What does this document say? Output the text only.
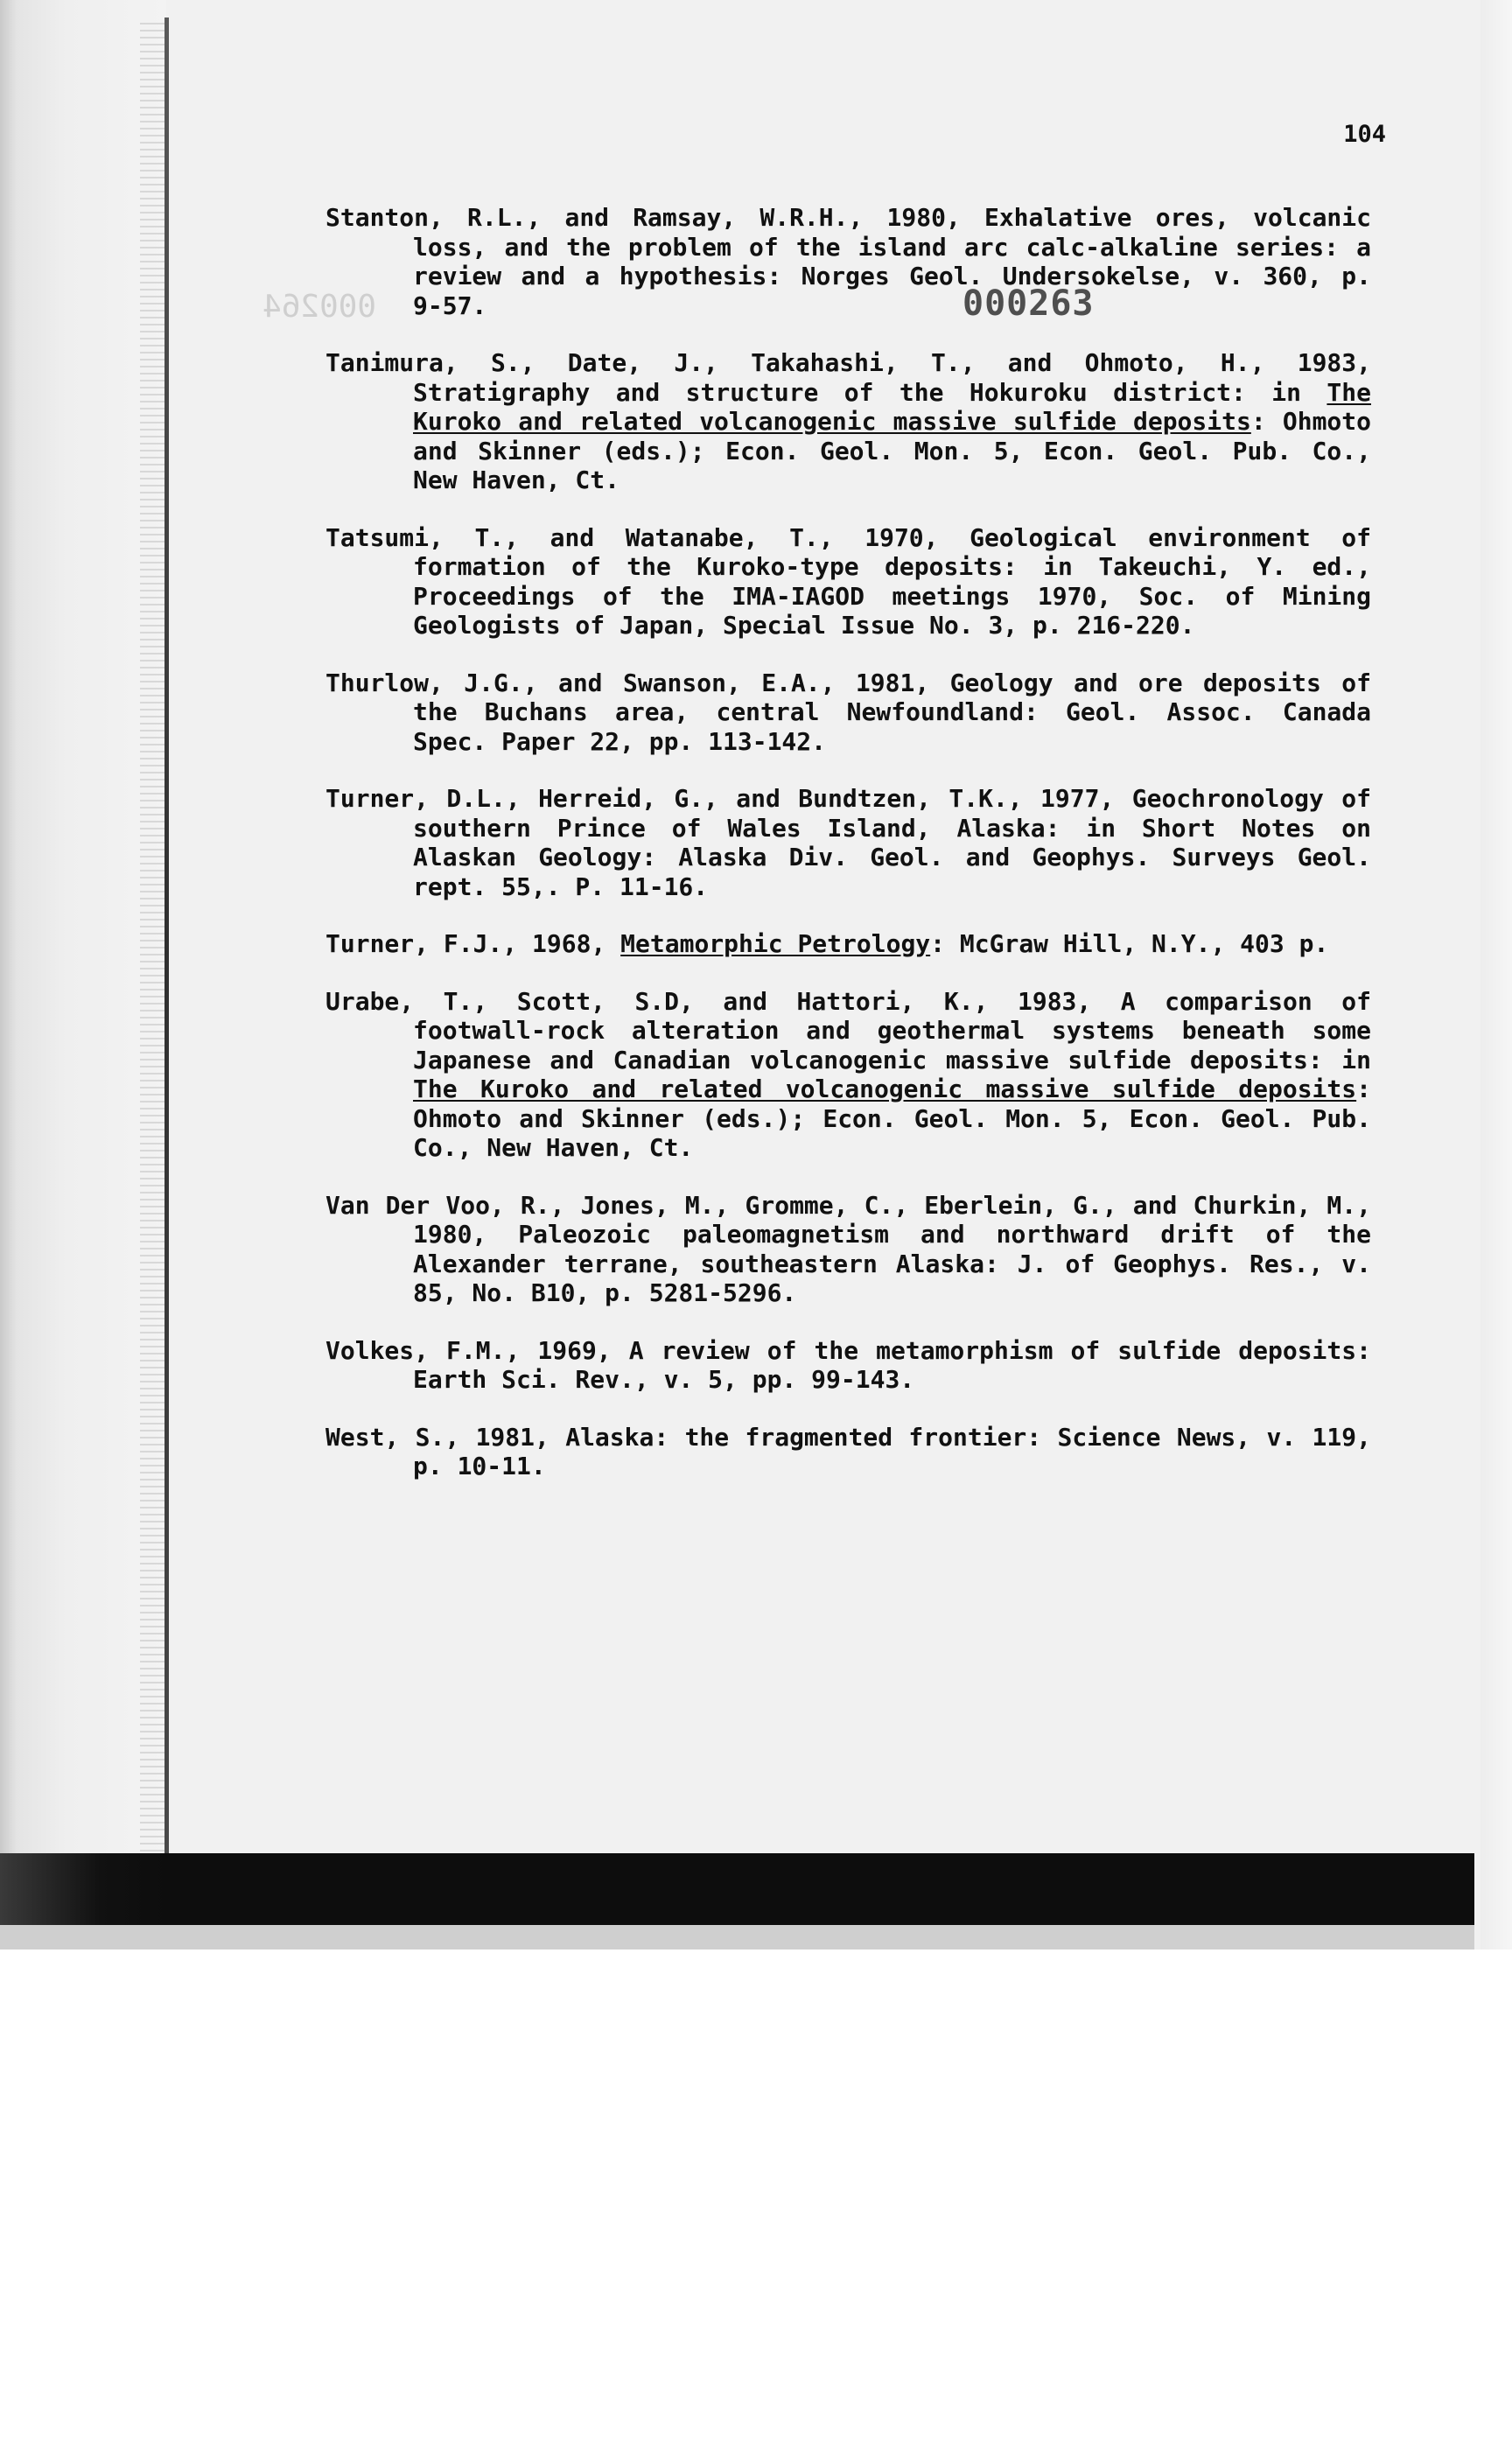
104
000264

Stanton, R.L., and Ramsay, W.R.H., 1980, Exhalative ores, volcanic loss, and the problem of the island arc calc-alkaline series: a review and a hypothesis: Norges Geol. Undersokelse, v. 360, p. 9-57.

Tanimura, S., Date, J., Takahashi, T., and Ohmoto, H., 1983, Stratigraphy and structure of the Hokuroku district: in The Kuroko and related volcanogenic massive sulfide deposits: Ohmoto and Skinner (eds.); Econ. Geol. Mon. 5, Econ. Geol. Pub. Co., New Haven, Ct.

Tatsumi, T., and Watanabe, T., 1970, Geological environment of formation of the Kuroko-type deposits: in Takeuchi, Y. ed., Proceedings of the IMA-IAGOD meetings 1970, Soc. of Mining Geologists of Japan, Special Issue No. 3, p. 216-220.

Thurlow, J.G., and Swanson, E.A., 1981, Geology and ore deposits of the Buchans area, central Newfoundland: Geol. Assoc. Canada Spec. Paper 22, pp. 113-142.

Turner, D.L., Herreid, G., and Bundtzen, T.K., 1977, Geochronology of southern Prince of Wales Island, Alaska: in Short Notes on Alaskan Geology: Alaska Div. Geol. and Geophys. Surveys Geol. rept. 55,. P. 11-16.

Turner, F.J., 1968, Metamorphic Petrology: McGraw Hill, N.Y., 403 p.

Urabe, T., Scott, S.D, and Hattori, K., 1983, A comparison of footwall-rock alteration and geothermal systems beneath some Japanese and Canadian volcanogenic massive sulfide deposits: in The Kuroko and related volcanogenic massive sulfide deposits: Ohmoto and Skinner (eds.); Econ. Geol. Mon. 5, Econ. Geol. Pub. Co., New Haven, Ct.

Van Der Voo, R., Jones, M., Gromme, C., Eberlein, G., and Churkin, M., 1980, Paleozoic paleomagnetism and northward drift of the Alexander terrane, southeastern Alaska: J. of Geophys. Res., v. 85, No. B10, p. 5281-5296.

Volkes, F.M., 1969, A review of the metamorphism of sulfide deposits: Earth Sci. Rev., v. 5, pp. 99-143.

West, S., 1981, Alaska: the fragmented frontier: Science News, v. 119, p. 10-11.

000263
